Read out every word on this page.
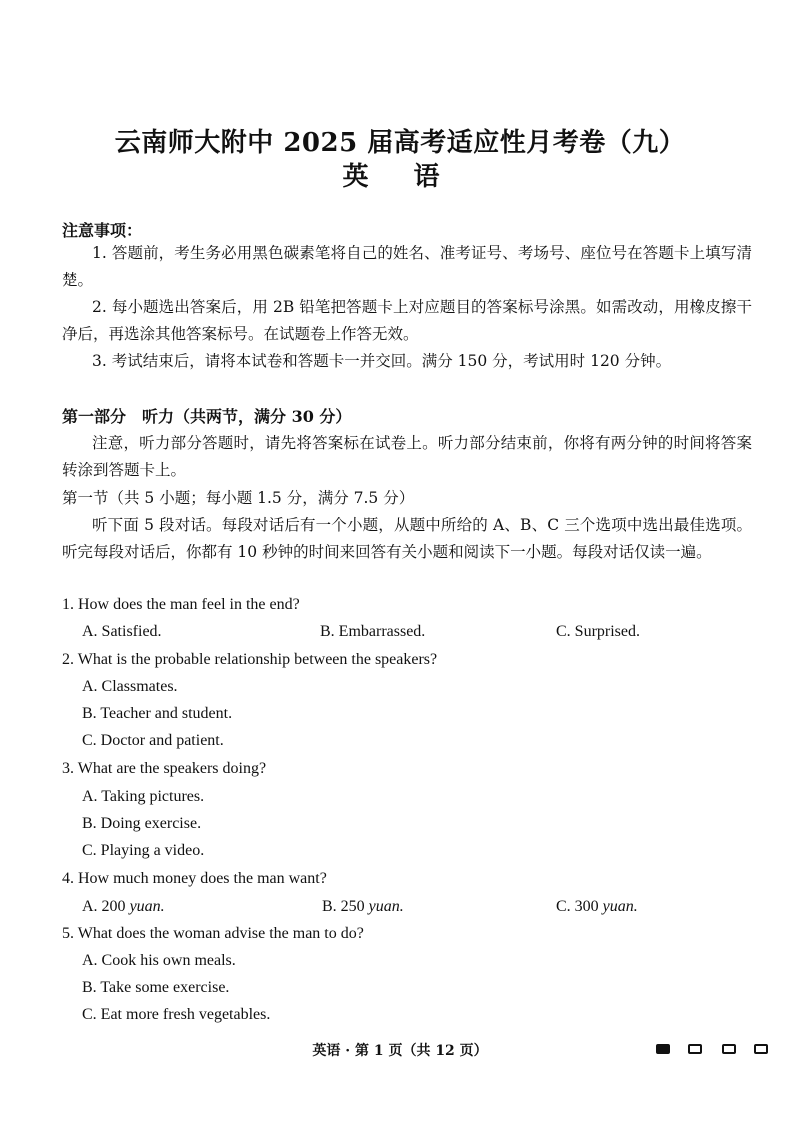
云南师大附中 2025 届高考适应性月考卷（九）
英 语
注意事项：
1. 答题前，考生务必用黑色碳素笔将自己的姓名、准考证号、考场号、座位号在答题卡上填写清楚。
2. 每小题选出答案后，用 2B 铅笔把答题卡上对应题目的答案标号涂黑。如需改动，用橡皮擦干净后，再选涂其他答案标号。在试题卷上作答无效。
3. 考试结束后，请将本试卷和答题卡一并交回。满分 150 分，考试用时 120 分钟。
第一部分　听力（共两节，满分 30 分）
注意，听力部分答题时，请先将答案标在试卷上。听力部分结束前，你将有两分钟的时间将答案转涂到答题卡上。
第一节（共 5 小题；每小题 1.5 分，满分 7.5 分）
听下面 5 段对话。每段对话后有一个小题，从题中所给的 A、B、C 三个选项中选出最佳选项。听完每段对话后，你都有 10 秒钟的时间来回答有关小题和阅读下一小题。每段对话仅读一遍。
1. How does the man feel in the end?
A. Satisfied.	B. Embarrassed.	C. Surprised.
2. What is the probable relationship between the speakers?
A. Classmates.
B. Teacher and student.
C. Doctor and patient.
3. What are the speakers doing?
A. Taking pictures.
B. Doing exercise.
C. Playing a video.
4. How much money does the man want?
A. 200 yuan.	B. 250 yuan.	C. 300 yuan.
5. What does the woman advise the man to do?
A. Cook his own meals.
B. Take some exercise.
C. Eat more fresh vegetables.
英语 · 第 1 页（共 12 页）
